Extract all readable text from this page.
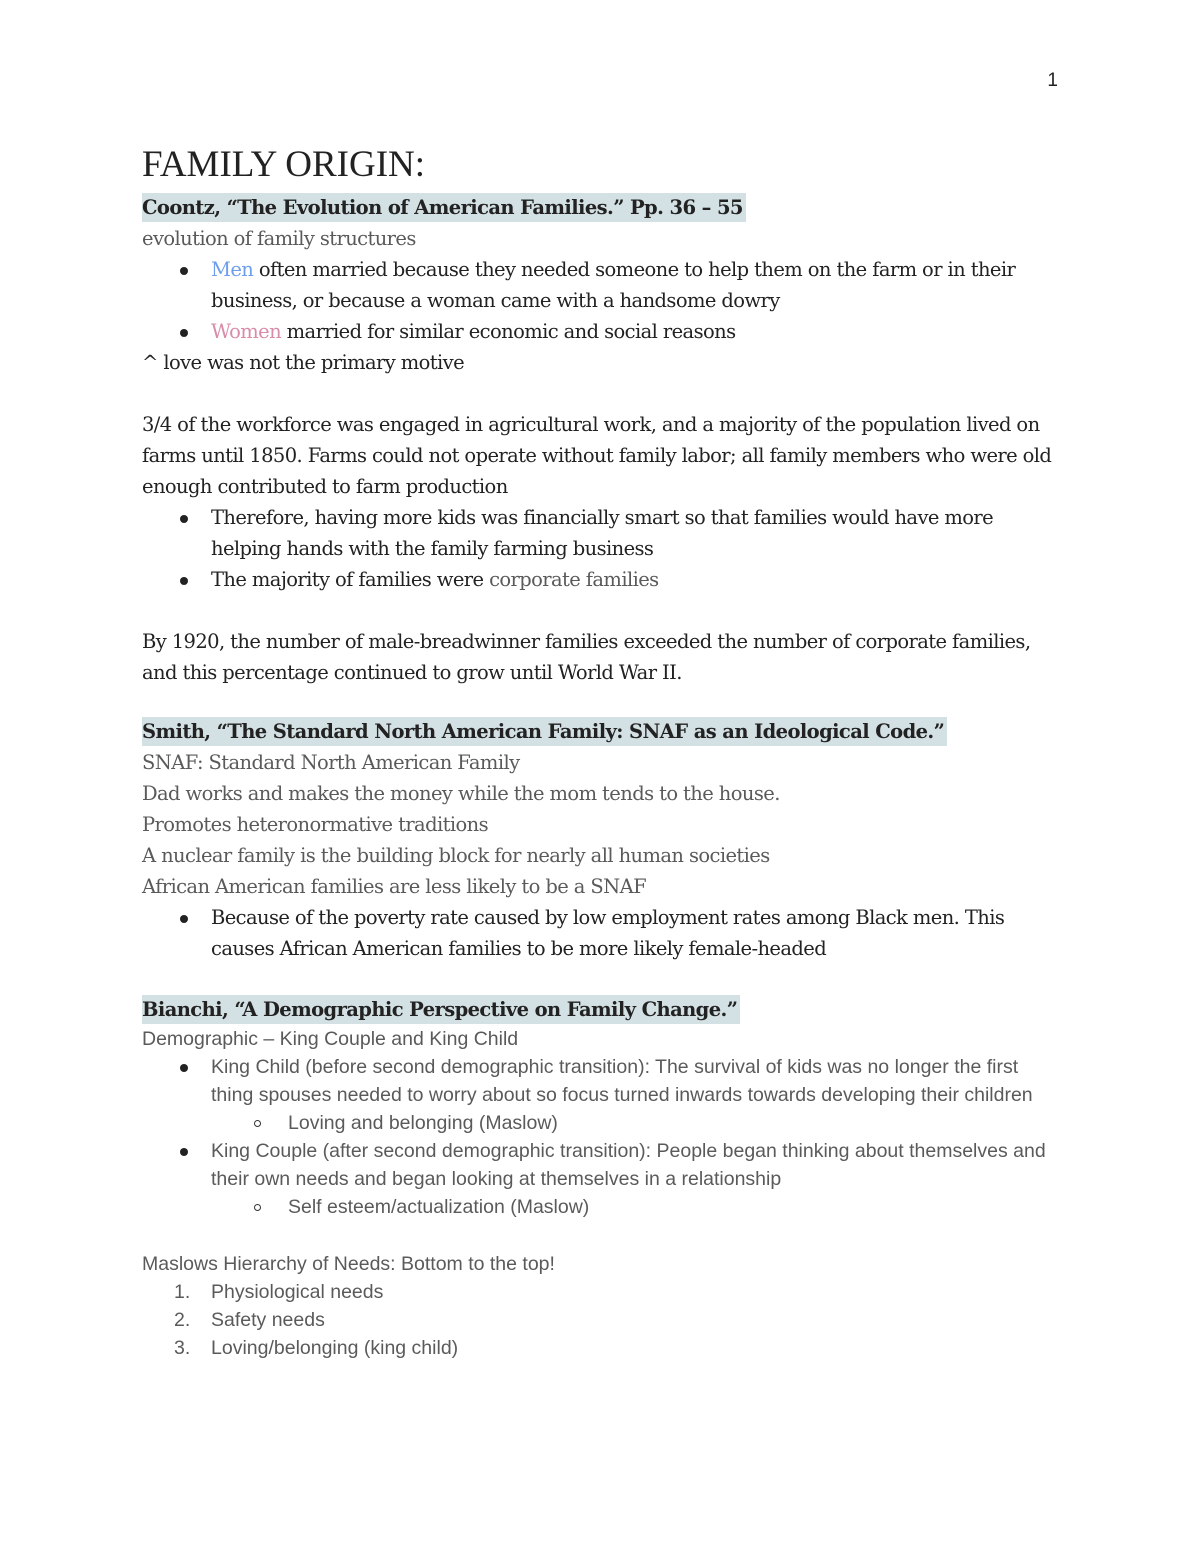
1
FAMILY ORIGIN:
Coontz, “The Evolution of American Families.” Pp. 36 – 55

evolution of family structures

Men often married because they needed someone to help them on the farm or in their business, or because a woman came with a handsome dowry
Women married for similar economic and social reasons

^ love was not the primary motive

3/4 of the workforce was engaged in agricultural work, and a majority of the population lived on farms until 1850. Farms could not operate without family labor; all family members who were old enough contributed to farm production

Therefore, having more kids was financially smart so that families would have more helping hands with the family farming business
The majority of families were corporate families

By 1920, the number of male-breadwinner families exceeded the number of corporate families, and this percentage continued to grow until World War II.

Smith, “The Standard North American Family: SNAF as an Ideological Code.”

SNAF: Standard North American Family

Dad works and makes the money while the mom tends to the house.

Promotes heteronormative traditions

A nuclear family is the building block for nearly all human societies

African American families are less likely to be a SNAF

Because of the poverty rate caused by low employment rates among Black men. This causes African American families to be more likely female-headed
Bianchi, “A Demographic Perspective on Family Change.”

Demographic – King Couple and King Child

King Child (before second demographic transition): The survival of kids was no longer the first thing spouses needed to worry about so focus turned inwards towards developing their children
Loving and belonging (Maslow)
King Couple (after second demographic transition): People began thinking about themselves and their own needs and began looking at themselves in a relationship
Self esteem/actualization (Maslow)

Maslows Hierarchy of Needs: Bottom to the top!

1. Physiological needs
2. Safety needs
3. Loving/belonging (king child)
